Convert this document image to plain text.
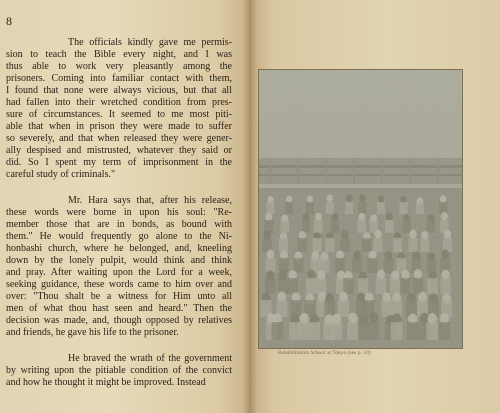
8
The officials kindly gave me permis-
sion to teach the Bible every night, and I was
thus able to work very pleasantly among the
prisoners. Coming into familiar contact with them,
I found that none were always vicious, but that all
had fallen into their wretched condition from pres-
sure of circumstances. It seemed to me most piti-
able that when in prison they were made to suffer
so severely, and that when released they were gener-
ally despised and mistrusted, whatever they said or
did. So I spent my term of imprisonment in the
careful study of criminals."
Mr. Hara says that, after his release,
these words were borne in upon his soul: "Re-
member those that are in bonds, as bound with
them." He would frequently go alone to the Ni-
honbashi church, where he belonged, and, kneeling
down by the lonely pulpit, would think and think
and pray. After waiting upon the Lord for a week,
seeking guidance, these words came to him over and
over: "Thou shalt be a witness for Him unto all
men of what thou hast seen and heard." Then the
decision was made, and, though opposed by relatives
and friends, he gave his life to the prisoner.
He braved the wrath of the government
by writing upon the pitiable condition of the convict
and how he thought it might be improved. Instead
Rehabilitation School at Tokyo (see p. 10)
